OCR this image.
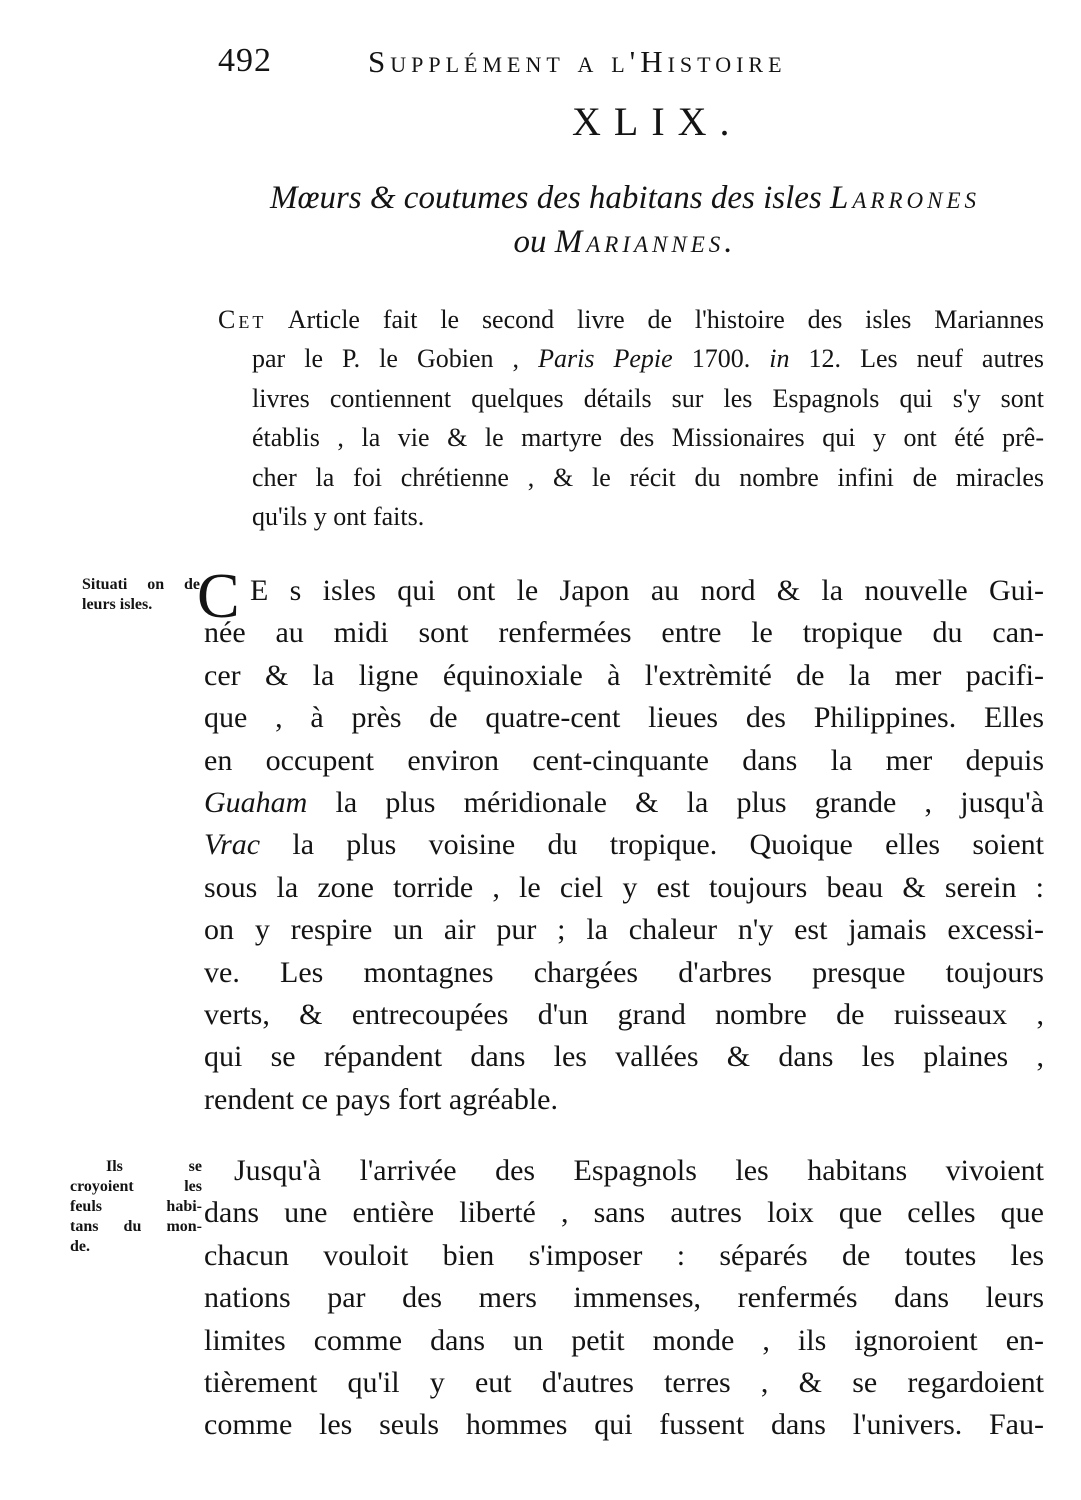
492	Supplément a l'Histoire
XLIX.
Mœurs & coutumes des habitans des isles Larrones
ou Mariannes.
Cet Article fait le second livre de l'histoire des isles Mariannes
par le P. le Gobien , Paris Pepie 1700. in 12. Les neuf autres
livres contiennent quelques détails sur les Espagnols qui s'y sont
établis , la vie & le martyre des Missionaires qui y ont été prê-
cher la foi chrétienne , & le récit du nombre infini de miracles
qu'ils y ont faits.
Situati on de
leurs isles. C E s isles qui ont le Japon au nord & la nouvelle Gui-
née au midi sont renfermées entre le tropique du can-
cer & la ligne équinoxiale à l'extrèmité de la mer pacifi-
que , à près de quatre-cent lieues des Philippines. Elles
en occupent environ cent-cinquante dans la mer depuis
Guaham la plus méridionale & la plus grande , jusqu'à
Vrac la plus voisine du tropique. Quoique elles soient
sous la zone torride , le ciel y est toujours beau & serein :
on y respire un air pur ; la chaleur n'y est jamais excessi-
ve. Les montagnes chargées d'arbres presque toujours
verts, & entrecoupées d'un grand nombre de ruisseaux ,
qui se répandent dans les vallées & dans les plaines ,
rendent ce pays fort agréable.
Ils se
croyoient les
feuls habi-
tans du mon-
de.
Jusqu'à l'arrivée des Espagnols les habitans vivoient
dans une entière liberté , sans autres loix que celles que
chacun vouloit bien s'imposer : séparés de toutes les
nations par des mers immenses, renfermés dans leurs
limites comme dans un petit monde , ils ignoroient en-
tièrement qu'il y eut d'autres terres , & se regardoient
comme les seuls hommes qui fussent dans l'univers. Fau-
